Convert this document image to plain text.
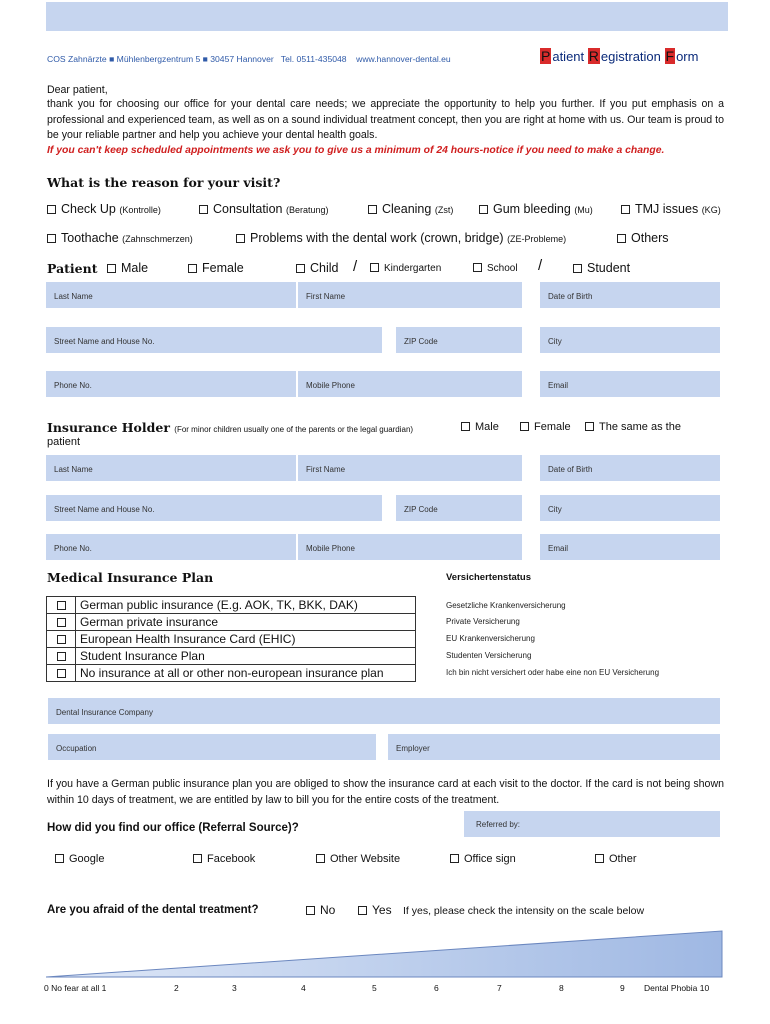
COS Zahnärzte ■ Mühlenbergzentrum 5 ■ 30457 Hannover   Tel. 0511-435048    www.hannover-dental.eu	P atient R egistration F orm
Dear patient,
thank you for choosing our office for your dental care needs; we appreciate the opportunity to help you further. If you put emphasis on a professional and experienced team, as well as on a sound individual treatment concept, then you are right at home with us. Our team is proud to be your reliable partner and help you achieve your dental health goals.
If you can't keep scheduled appointments we ask you to give us a minimum of 24 hours-notice if you need to make a change.
What is the reason for your visit?
Check Up (Kontrolle)	Consultation (Beratung)	Cleaning (Zst)	Gum bleeding (Mu)	TMJ issues (KG)
Toothache (Zahnschmerzen)	Problems with the dental work (crown, bridge) (ZE-Probleme)	Others
Patient	Male	Female	Child /	Kindergarten	School /	Student
Last Name	First Name	Date of Birth
Street Name and House No.	ZIP Code	City
Phone No.	Mobile Phone	Email
Insurance Holder (For minor children usually one of the parents or the legal guardian)	Male	Female	The same as the
patient
Last Name	First Name	Date of Birth
Street Name and House No.	ZIP Code	City
Phone No.	Mobile Phone	Email
Medical Insurance Plan	Versichertenstatus
	German public insurance (E.g. AOK, TK, BKK, DAK)
	German private insurance
	European Health Insurance Card (EHIC)
	Student Insurance Plan
	No insurance at all or other non-european insurance plan
Gesetzliche Krankenversicherung
Private Versicherung
EU Krankenversicherung
Studenten Versicherung
Ich bin nicht versichert oder habe eine non EU Versicherung
Dental Insurance Company
Occupation	Employer
If you have a German public insurance plan you are obliged to show the insurance card at each visit to the doctor. If the card is not being shown within 10 days of treatment, we are entitled by law to bill you for the entire costs of the treatment.
How did you find our office (Referral Source)?	Referred by:
Google	Facebook	Other Website	Office sign	Other
Are you afraid of the dental treatment?	No	Yes If yes, please check the intensity on the scale below
0 No fear at all 1	2	3	4	5	6	7	8	9 Dental Phobia 10
